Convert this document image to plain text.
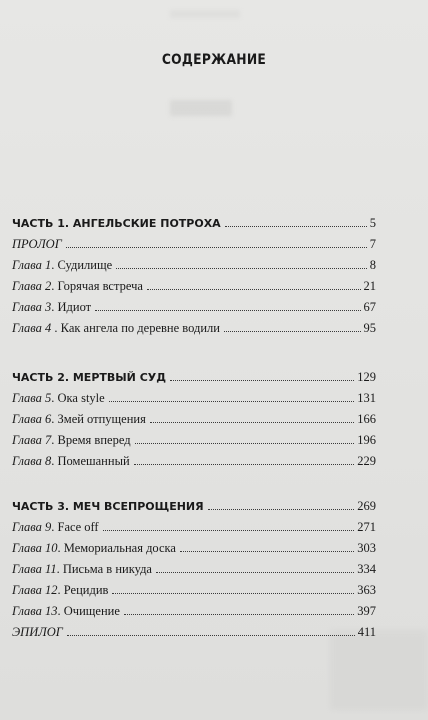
СОДЕРЖАНИЕ
ЧАСТЬ 1. АНГЕЛЬСКИЕ ПОТРОХА	5
ПРОЛОГ	7
Глава 1. Судилище	8
Глава 2. Горячая встреча	21
Глава 3. Идиот	67
Глава 4 . Как ангела по деревне водили	95
ЧАСТЬ 2. МЕРТВЫЙ СУД	129
Глава 5. Ока style	131
Глава 6. Змей отпущения	166
Глава 7. Время вперед	196
Глава 8. Помешанный	229
ЧАСТЬ 3. МЕЧ ВСЕПРОЩЕНИЯ	269
Глава 9. Face off	271
Глава 10. Мемориальная доска	303
Глава 11. Письма в никуда	334
Глава 12. Рецидив	363
Глава 13. Очищение	397
ЭПИЛОГ	411
